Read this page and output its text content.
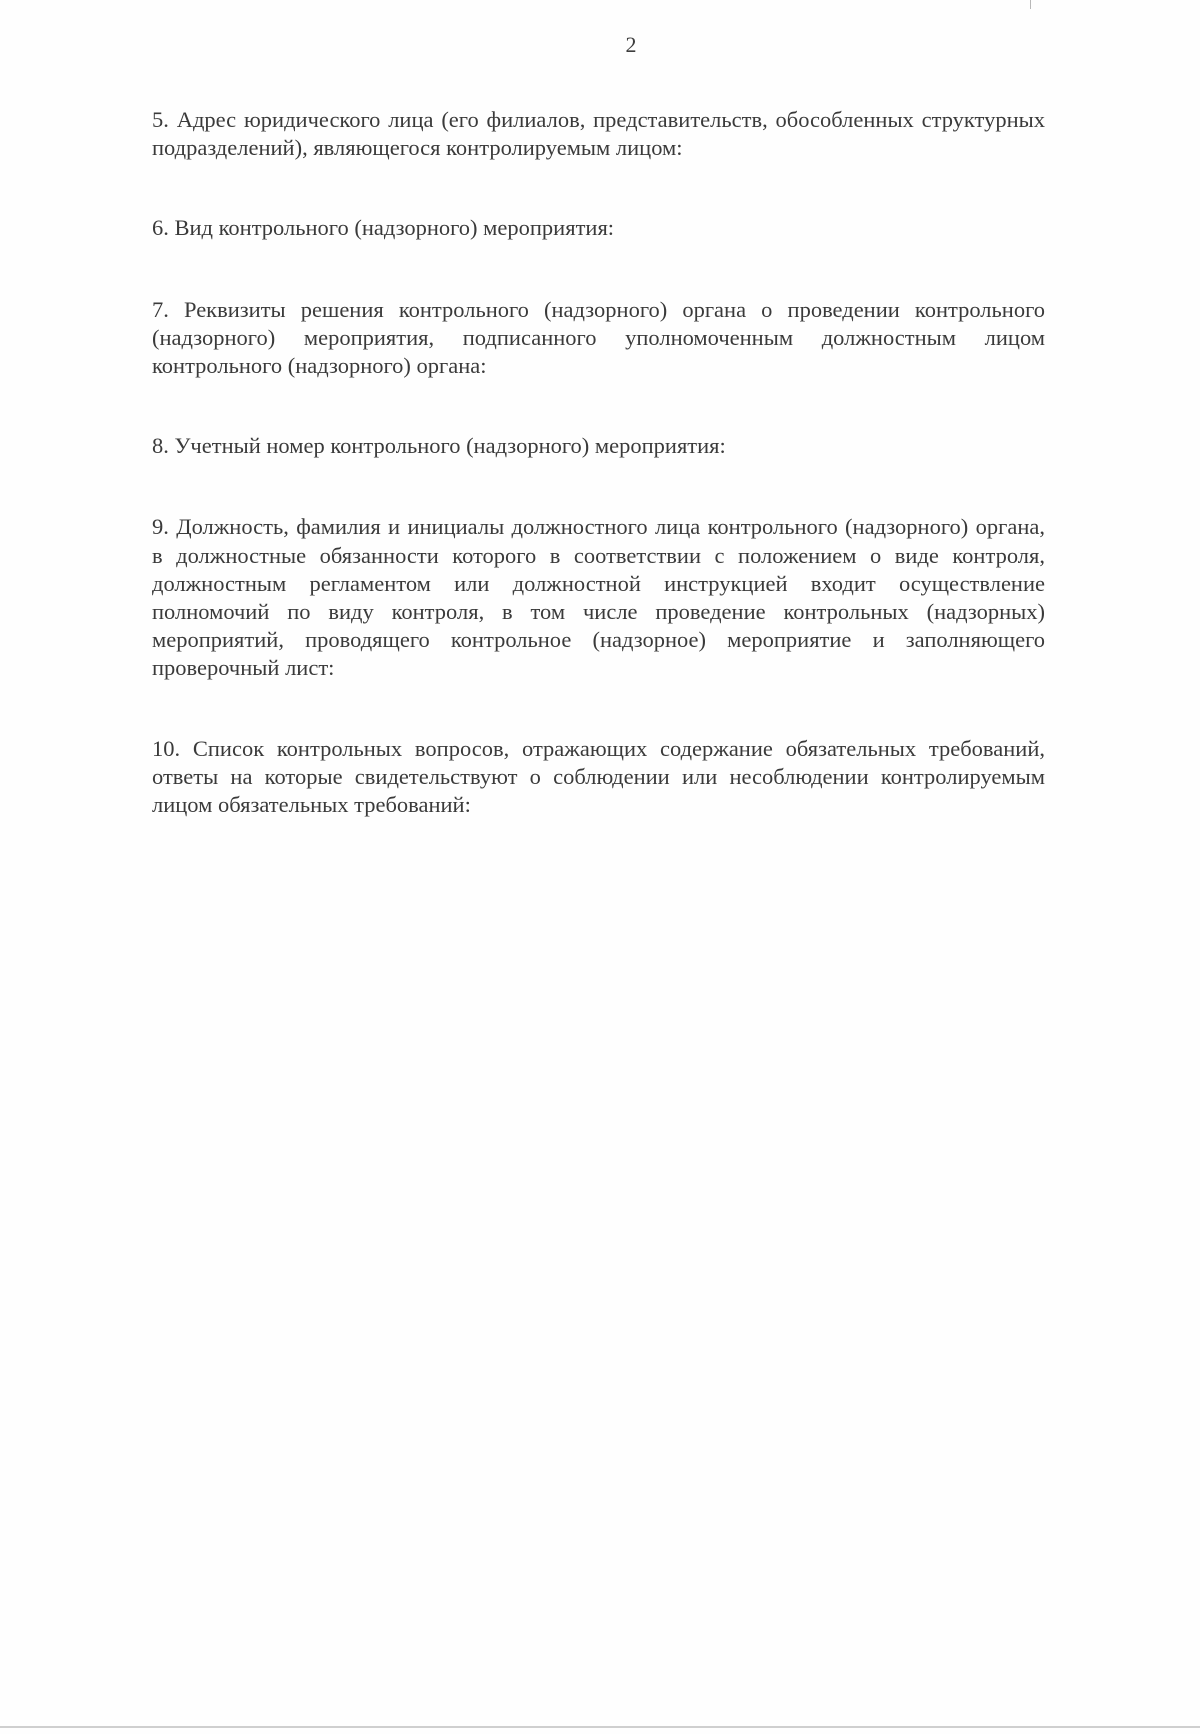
2

5. Адрес юридического лица (его филиалов, представительств, обособленных структурных подразделений), являющегося контролируемым лицом:

6. Вид контрольного (надзорного) мероприятия:

7. Реквизиты решения контрольного (надзорного) органа о проведении контрольного (надзорного) мероприятия, подписанного уполномоченным должностным лицом контрольного (надзорного) органа:

8. Учетный номер контрольного (надзорного) мероприятия:

9. Должность, фамилия и инициалы должностного лица контрольного (надзорного) органа, в должностные обязанности которого в соответствии с положением о виде контроля, должностным регламентом или должностной инструкцией входит осуществление полномочий по виду контроля, в том числе проведение контрольных (надзорных) мероприятий, проводящего контрольное (надзорное) мероприятие и заполняющего проверочный лист:

10. Список контрольных вопросов, отражающих содержание обязательных требований, ответы на которые свидетельствуют о соблюдении или несоблюдении контролируемым лицом обязательных требований:
